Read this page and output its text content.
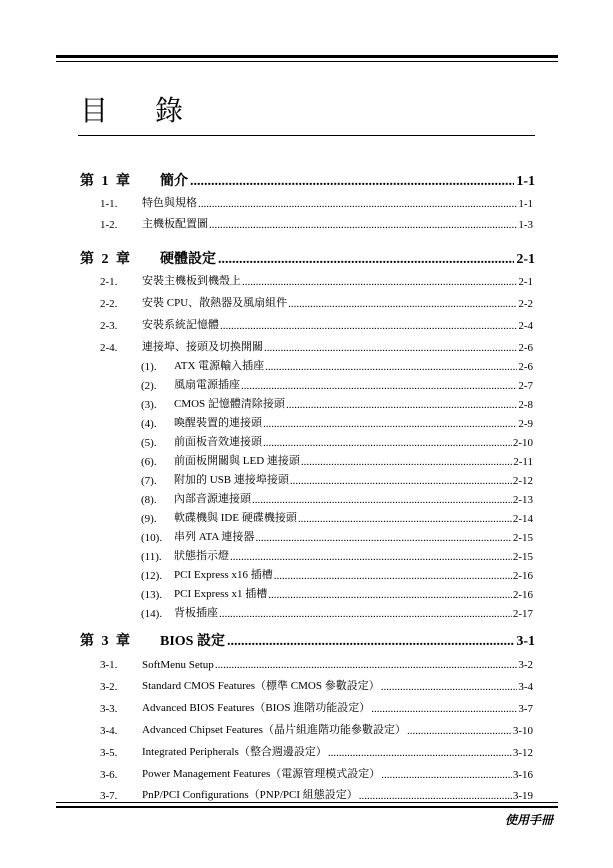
目 錄
第 1 章	簡介 .....	1-1
1-1.	特色與規格 .....	1-1
1-2.	主機板配置圖 .....	1-3
第 2 章	硬體設定 .....	2-1
2-1.	安裝主機板到機殼上 .....	2-1
2-2.	安裝 CPU、散熱器及風扇組件 .....	2-2
2-3.	安裝系統記憶體 .....	2-4
2-4.	連接埠、接頭及切換開關 .....	2-6
(1).	ATX 電源輸入插座 .....	2-6
(2).	風扇電源插座 .....	2-7
(3).	CMOS 記憶體清除接頭 .....	2-8
(4).	喚醒裝置的連接頭 .....	2-9
(5).	前面板音效連接頭 .....	2-10
(6).	前面板開關與 LED 連接頭 .....	2-11
(7).	附加的 USB 連接埠接頭 .....	2-12
(8).	內部音源連接頭 .....	2-13
(9).	軟碟機與 IDE 硬碟機接頭 .....	2-14
(10).	串列 ATA 連接器 .....	2-15
(11).	狀態指示燈 .....	2-15
(12).	PCI Express x16 插槽 .....	2-16
(13).	PCI Express x1 插槽 .....	2-16
(14).	背板插座 .....	2-17
第 3 章	BIOS 設定 .....	3-1
3-1.	SoftMenu Setup .....	3-2
3-2.	Standard CMOS Features（標準 CMOS 參數設定） .....	3-4
3-3.	Advanced BIOS Features（BIOS 進階功能設定） .....	3-7
3-4.	Advanced Chipset Features（晶片組進階功能參數設定） .....	3-10
3-5.	Integrated Peripherals（整合週邊設定） .....	3-12
3-6.	Power Management Features（電源管理模式設定） .....	3-16
3-7.	PnP/PCI Configurations（PNP/PCI 組態設定） .....	3-19
使用手冊
